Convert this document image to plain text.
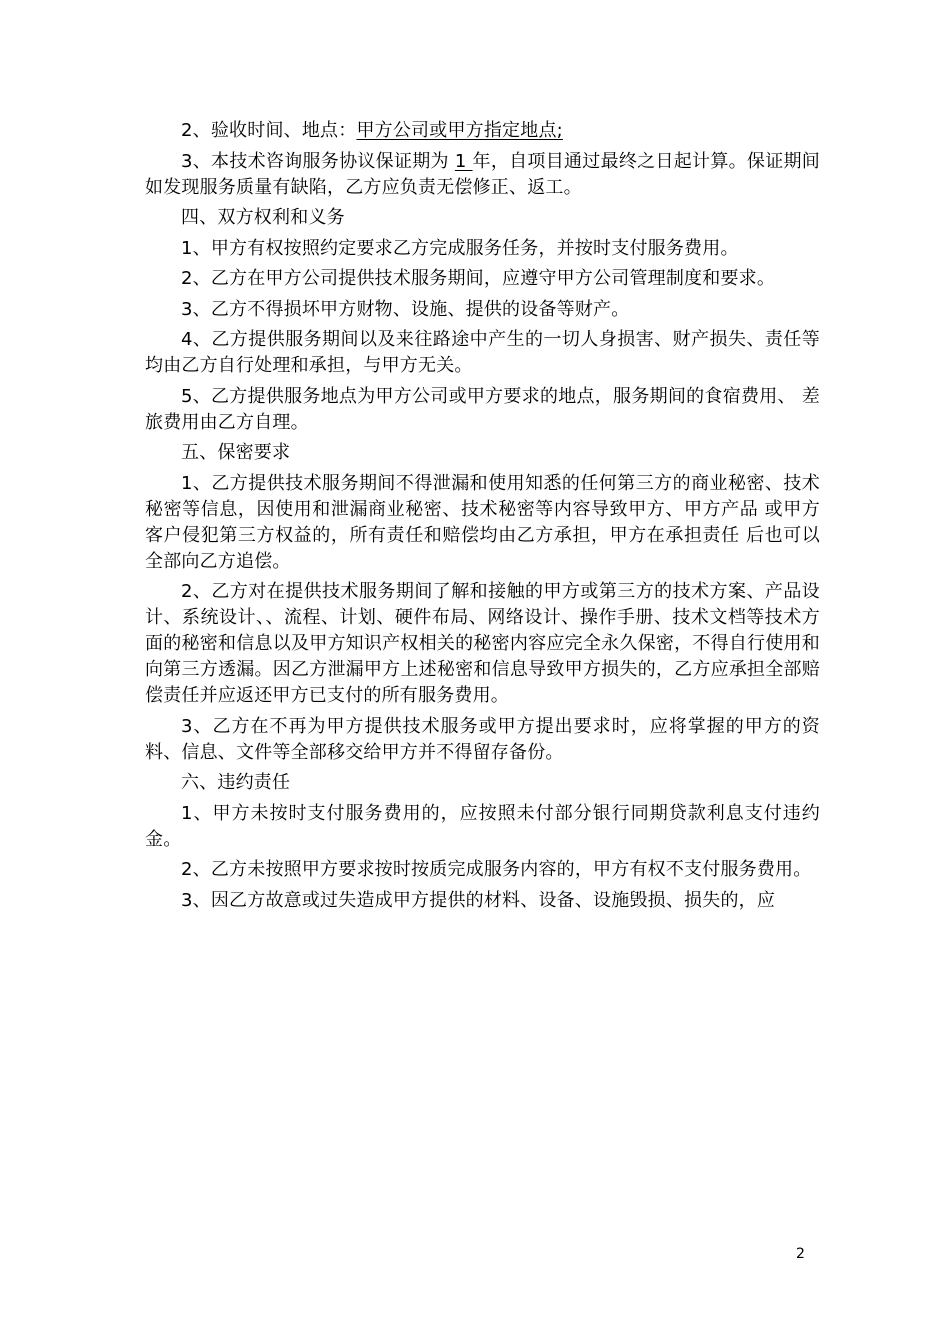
2、验收时间、地点：甲方公司或甲方指定地点;

3、本技术咨询服务协议保证期为 1 年，自项目通过最终之日起计算。保证期间如发现服务质量有缺陷，乙方应负责无偿修正、返工。

四、双方权利和义务

1、甲方有权按照约定要求乙方完成服务任务，并按时支付服务费用。

2、乙方在甲方公司提供技术服务期间，应遵守甲方公司管理制度和要求。

3、乙方不得损坏甲方财物、设施、提供的设备等财产。

4、乙方提供服务期间以及来往路途中产生的一切人身损害、财产损失、责任等均由乙方自行处理和承担，与甲方无关。

5、乙方提供服务地点为甲方公司或甲方要求的地点，服务期间的食宿费用、 差旅费用由乙方自理。

五、保密要求

1、乙方提供技术服务期间不得泄漏和使用知悉的任何第三方的商业秘密、技术秘密等信息，因使用和泄漏商业秘密、技术秘密等内容导致甲方、甲方产品 或甲方客户侵犯第三方权益的，所有责任和赔偿均由乙方承担，甲方在承担责任 后也可以全部向乙方追偿。

2、乙方对在提供技术服务期间了解和接触的甲方或第三方的技术方案、产品设计、系统设计、、流程、计划、硬件布局、网络设计、操作手册、技术文档等技术方面的秘密和信息以及甲方知识产权相关的秘密内容应完全永久保密，不得自行使用和向第三方透漏。因乙方泄漏甲方上述秘密和信息导致甲方损失的，乙方应承担全部赔偿责任并应返还甲方已支付的所有服务费用。

3、乙方在不再为甲方提供技术服务或甲方提出要求时，应将掌握的甲方的资料、信息、文件等全部移交给甲方并不得留存备份。

六、违约责任

1、甲方未按时支付服务费用的，应按照未付部分银行同期贷款利息支付违约金。

2、乙方未按照甲方要求按时按质完成服务内容的，甲方有权不支付服务费用。

3、因乙方故意或过失造成甲方提供的材料、设备、设施毁损、损失的，应

2
